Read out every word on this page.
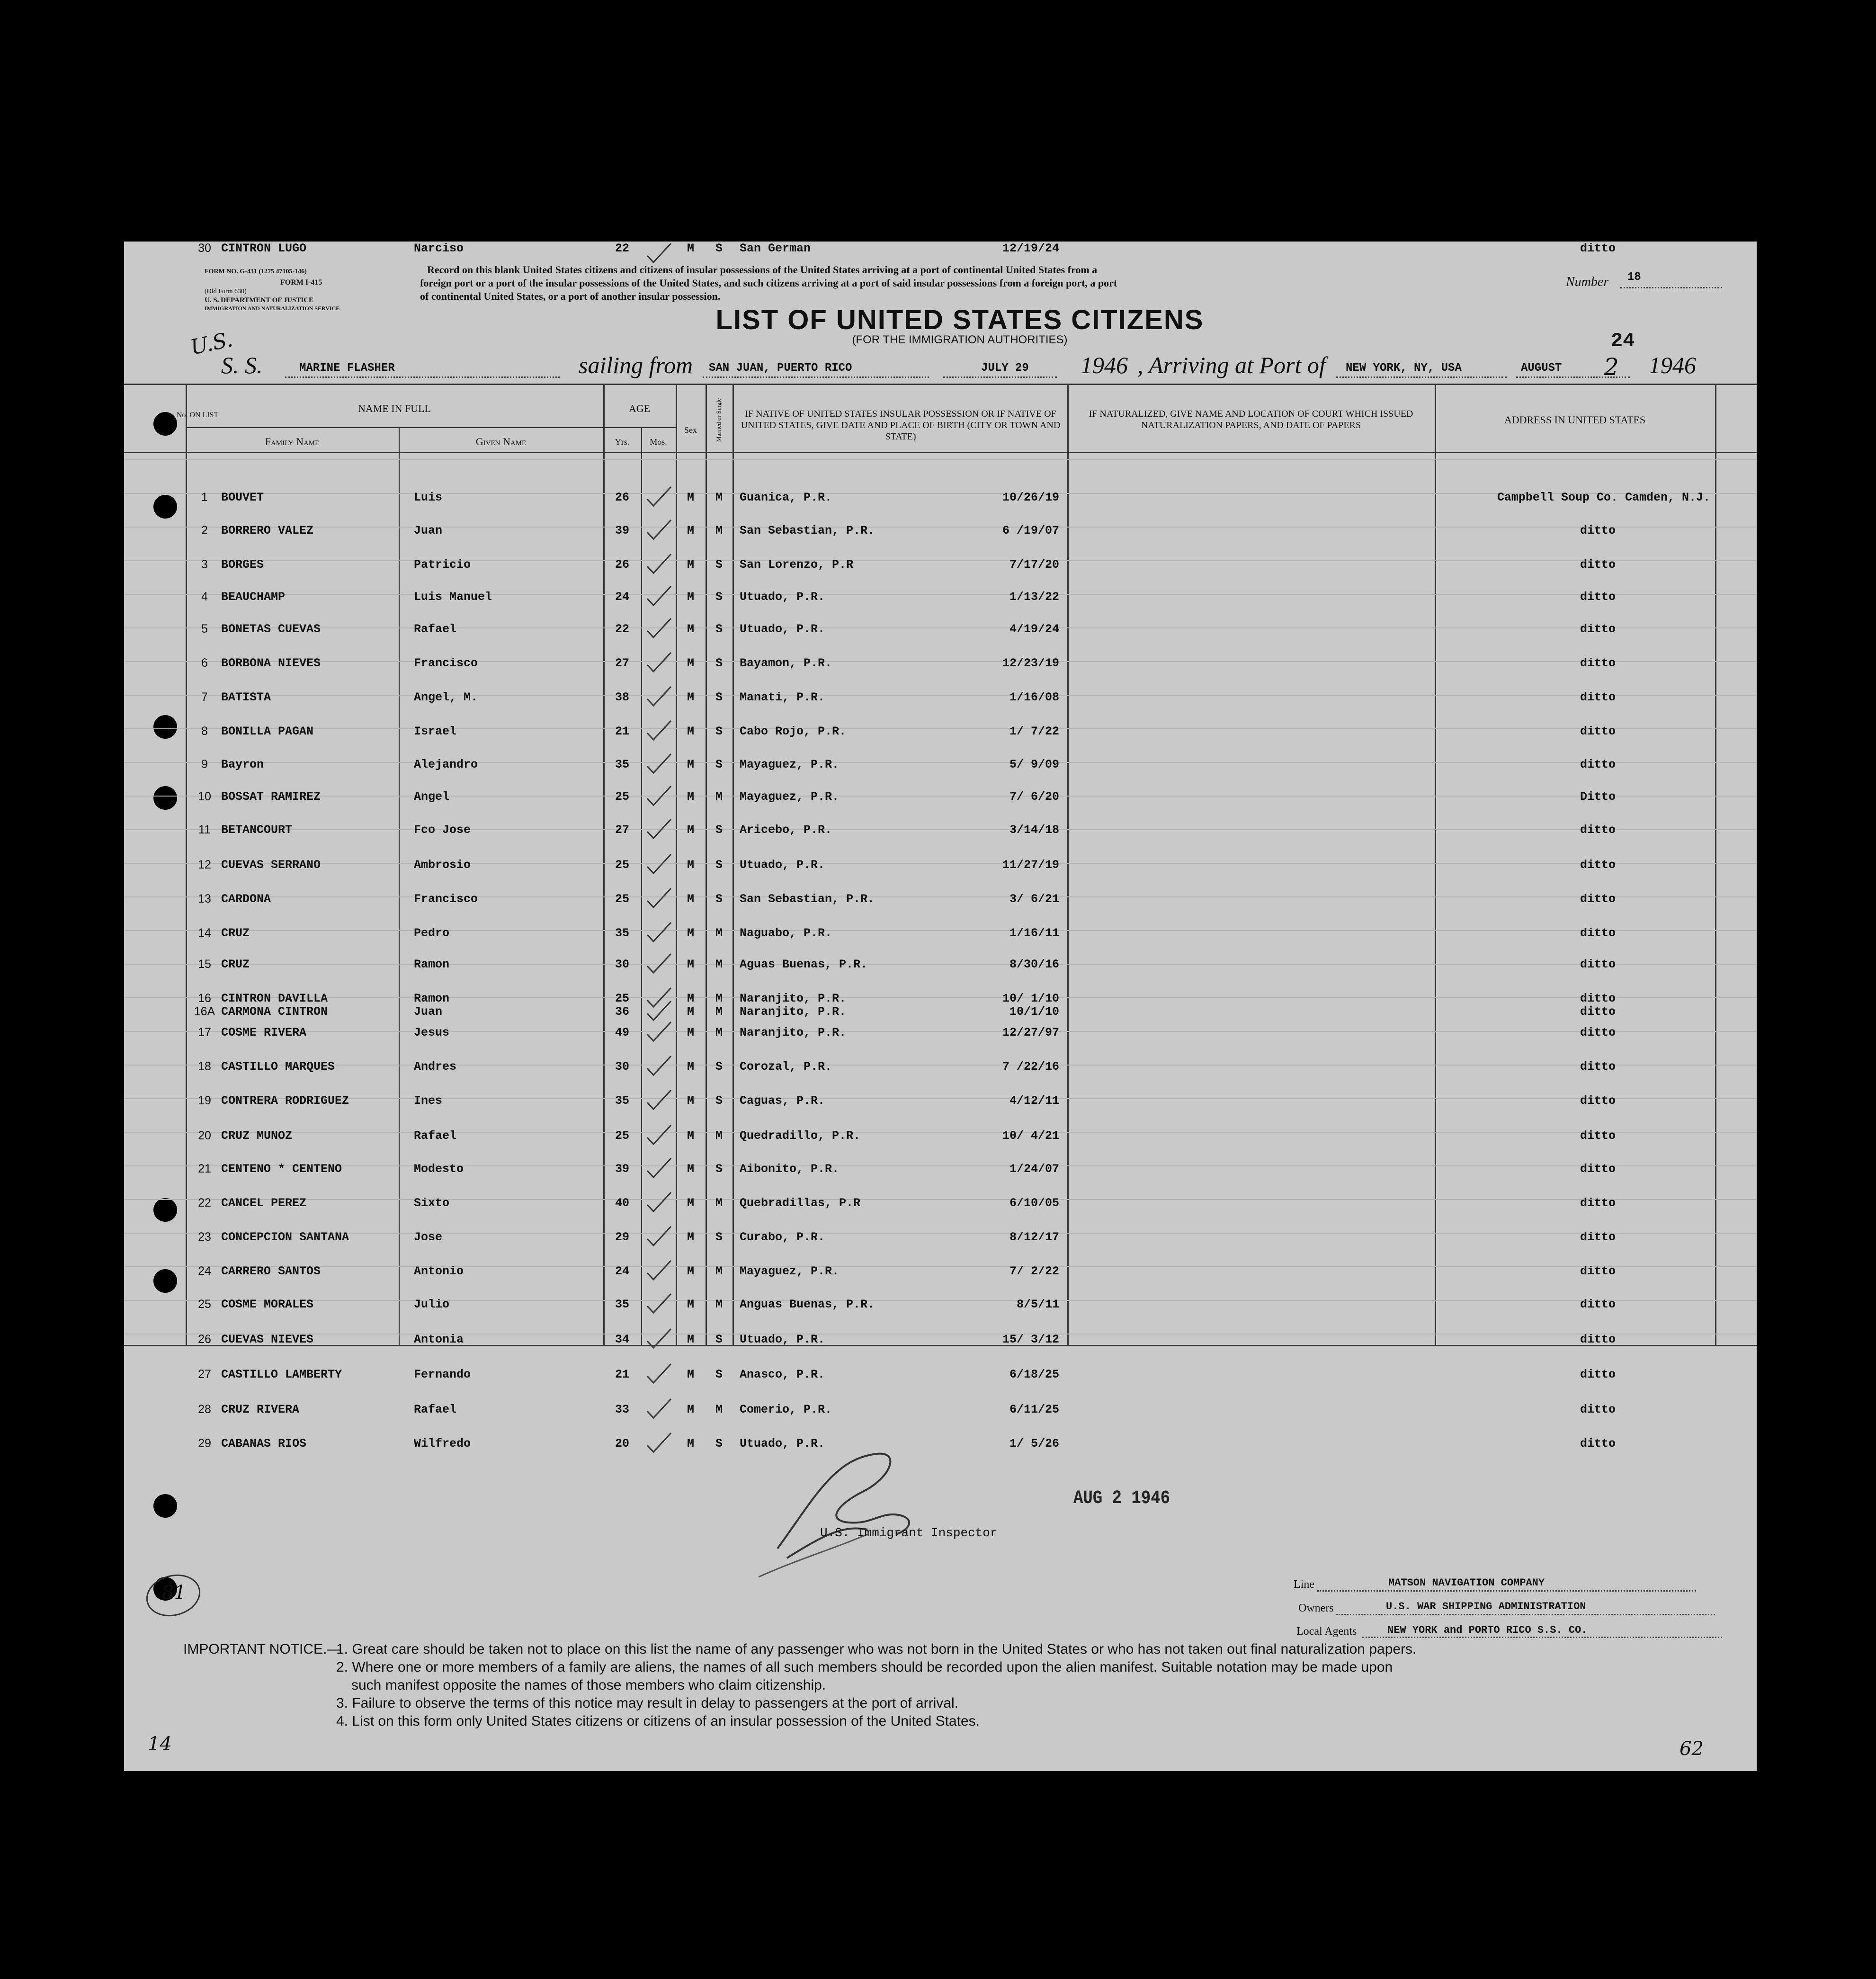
FORM NO. G-431 (1275 47105-146)
FORM I-415
(Old Form 630)
U. S. DEPARTMENT OF JUSTICE
IMMIGRATION AND NATURALIZATION SERVICE
Record on this blank United States citizens and citizens of insular possessions of the United States arriving at a port of continental United States from a
foreign port or a port of the insular possessions of the United States, and such citizens arriving at a port of said insular possessions from a foreign port, a port
of continental United States, or a port of another insular possession.
Number 18
LIST OF UNITED STATES CITIZENS
(FOR THE IMMIGRATION AUTHORITIES)	24
U.S.
S. S.	MARINE FLASHER	sailing from SAN JUAN, PUERTO RICO	JULY 29 1946 , Arriving at Port of NEW YORK, NY, USA	AUGUST 2 1946
No. ON LIST
NAME IN FULL
Family Name	Given Name
AGE
Yrs.	Mos.
Sex	Married or Single	IF NATIVE OF UNITED STATES INSULAR POSSESSION OR IF NATIVE OF UNITED STATES, GIVE DATE AND PLACE OF BIRTH (CITY OR TOWN AND STATE)
IF NATURALIZED, GIVE NAME AND LOCATION OF COURT WHICH ISSUED NATURALIZATION PAPERS, AND DATE OF PAPERS	ADDRESS IN UNITED STATES
1	BOUVET	Luis	26	M	M	Guanica, P.R.	10/26/19	Campbell Soup Co. Camden, N.J.
2	BORRERO VALEZ	Juan	39	M	M	San Sebastian, P.R.	6 /19/07	ditto
3	BORGES	Patricio	26	M	S	San Lorenzo, P.R	7/17/20	ditto
4	BEAUCHAMP	Luis Manuel	24	M	S	Utuado, P.R.	1/13/22	ditto
5	BONETAS CUEVAS	Rafael	22	M	S	Utuado, P.R.	4/19/24	ditto
6	BORBONA NIEVES	Francisco	27	M	S	Bayamon, P.R.	12/23/19	ditto
7	BATISTA	Angel, M.	38	M	S	Manati, P.R.	1/16/08	ditto
8	BONILLA PAGAN	Israel	21	M	S	Cabo Rojo, P.R.	1/ 7/22	ditto
9	Bayron	Alejandro	35	M	S	Mayaguez, P.R.	5/ 9/09	ditto
10 BOSSAT RAMIREZ	Angel	25	M	M	Mayaguez, P.R.	7/ 6/20	Ditto
11 BETANCOURT	Fco Jose	27	M	S	Aricebo, P.R.	3/14/18	ditto
12 CUEVAS SERRANO	Ambrosio	25	M	S	Utuado, P.R.	11/27/19	ditto
13 CARDONA	Francisco	25	M	S	San Sebastian, P.R.	3/ 6/21	ditto
14 CRUZ	Pedro	35	M	M	Naguabo, P.R.	1/16/11	ditto
15 CRUZ	Ramon	30	M	M	Aguas Buenas, P.R.	8/30/16	ditto
16 CINTRON DAVILLA	Ramon	25	M	M	Naranjito, P.R.	10/ 1/10	ditto
16A CARMONA CINTRON	Juan	36	M	M	Naranjito, P.R.	10/1/10	ditto
17 COSME RIVERA	Jesus	49	M	M	Naranjito, P.R.	12/27/97	ditto
18 CASTILLO MARQUES	Andres	30	M	S	Corozal, P.R.	7 /22/16	ditto
19 CONTRERA RODRIGUEZ	Ines	35	M	S	Caguas, P.R.	4/12/11	ditto
20 CRUZ MUNOZ	Rafael	25	M	M	Quedradillo, P.R.	10/ 4/21	ditto
21 CENTENO * CENTENO	Modesto	39	M	S	Aibonito, P.R.	1/24/07	ditto
22 CANCEL PEREZ	Sixto	40	M	M	Quebradillas, P.R	6/10/05	ditto
23 CONCEPCION SANTANA	Jose	29	M	S	Curabo, P.R.	8/12/17	ditto
24 CARRERO SANTOS	Antonio	24	M	M	Mayaguez, P.R.	7/ 2/22	ditto
25 COSME MORALES	Julio	35	M	M	Anguas Buenas, P.R.	8/5/11	ditto
26 CUEVAS NIEVES	Antonia	34	M	S	Utuado, P.R.	15/ 3/12	ditto
27 CASTILLO LAMBERTY	Fernando	21	M	S	Anasco, P.R.	6/18/25	ditto
28 CRUZ RIVERA	Rafael	33	M	M	Comerio, P.R.	6/11/25	ditto
29 CABANAS RIOS	Wilfredo	20	M	S	Utuado, P.R.	1/ 5/26	ditto
30 CINTRON LUGO	Narciso	22	M	S	San German	12/19/24	ditto
AUG 2 1946
U.S. Immigrant Inspector
Line	MATSON NAVIGATION COMPANY
Owners	U.S. WAR SHIPPING ADMINISTRATION
Local Agents	NEW YORK and PORTO RICO S.S. CO.
81
IMPORTANT NOTICE.—
1. Great care should be taken not to place on this list the name of any passenger who was not born in the United States or who has not taken out final naturalization papers.
2. Where one or more members of a family are aliens, the names of all such members should be recorded upon the alien manifest. Suitable notation may be made upon
such manifest opposite the names of those members who claim citizenship.
3. Failure to observe the terms of this notice may result in delay to passengers at the port of arrival.
4. List on this form only United States citizens or citizens of an insular possession of the United States.
14	62
